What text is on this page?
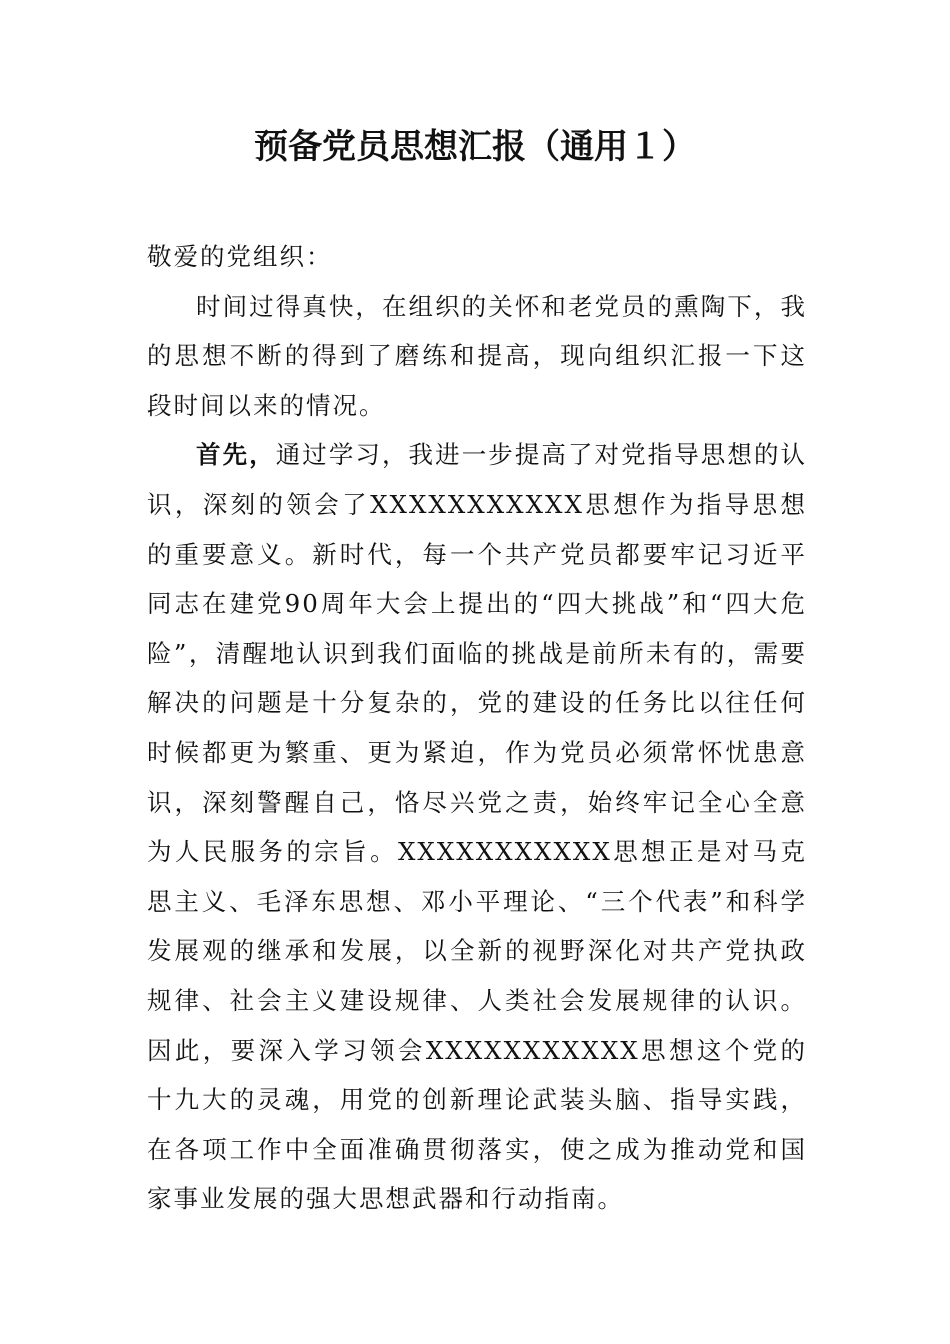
预备党员思想汇报（通用１）

敬爱的党组织：

时间过得真快，在组织的关怀和老党员的熏陶下，我的思想不断的得到了磨练和提高，现向组织汇报一下这段时间以来的情况。

首先，通过学习，我进一步提高了对党指导思想的认识，深刻的领会了XXXXXXXXXXX思想作为指导思想的重要意义。新时代，每一个共产党员都要牢记习近平同志在建党90周年大会上提出的“四大挑战”和“四大危险”，清醒地认识到我们面临的挑战是前所未有的，需要解决的问题是十分复杂的，党的建设的任务比以往任何时候都更为繁重、更为紧迫，作为党员必须常怀忧患意识，深刻警醒自己，恪尽兴党之责，始终牢记全心全意为人民服务的宗旨。XXXXXXXXXXX思想正是对马克思主义、毛泽东思想、邓小平理论、“三个代表”和科学发展观的继承和发展，以全新的视野深化对共产党执政规律、社会主义建设规律、人类社会发展规律的认识。因此，要深入学习领会XXXXXXXXXXX思想这个党的十九大的灵魂，用党的创新理论武装头脑、指导实践，在各项工作中全面准确贯彻落实，使之成为推动党和国家事业发展的强大思想武器和行动指南。
